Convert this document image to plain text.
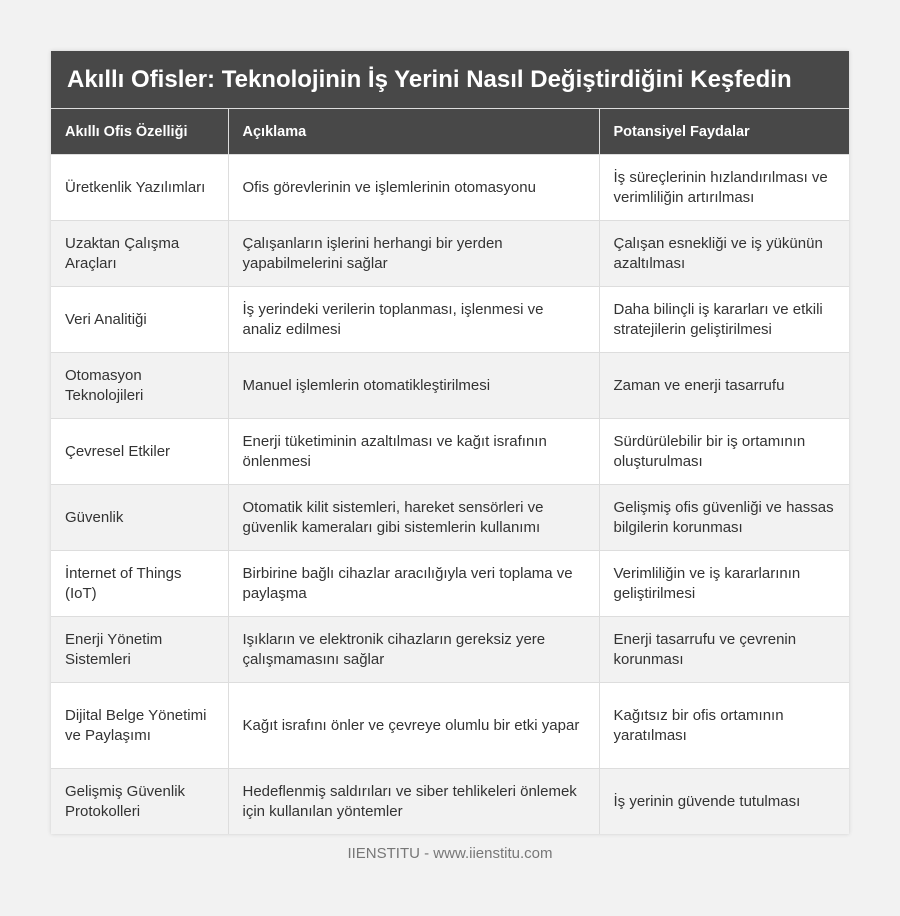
Akıllı Ofisler: Teknolojinin İş Yerini Nasıl Değiştirdiğini Keşfedin
Akıllı Ofis Özelliği	Açıklama	Potansiyel Faydalar
Üretkenlik Yazılımları	Ofis görevlerinin ve işlemlerinin otomasyonu	İş süreçlerinin hızlandırılması ve verimliliğin artırılması
Uzaktan Çalışma Araçları	Çalışanların işlerini herhangi bir yerden yapabilmelerini sağlar	Çalışan esnekliği ve iş yükünün azaltılması
Veri Analitiği	İş yerindeki verilerin toplanması, işlenmesi ve analiz edilmesi	Daha bilinçli iş kararları ve etkili stratejilerin geliştirilmesi
Otomasyon Teknolojileri	Manuel işlemlerin otomatikleştirilmesi	Zaman ve enerji tasarrufu
Çevresel Etkiler	Enerji tüketiminin azaltılması ve kağıt israfının önlenmesi	Sürdürülebilir bir iş ortamının oluşturulması
Güvenlik	Otomatik kilit sistemleri, hareket sensörleri ve güvenlik kameraları gibi sistemlerin kullanımı	Gelişmiş ofis güvenliği ve hassas bilgilerin korunması
İnternet of Things (IoT)	Birbirine bağlı cihazlar aracılığıyla veri toplama ve paylaşma	Verimliliğin ve iş kararlarının geliştirilmesi
Enerji Yönetim Sistemleri	Işıkların ve elektronik cihazların gereksiz yere çalışmamasını sağlar	Enerji tasarrufu ve çevrenin korunması
Dijital Belge Yönetimi ve Paylaşımı	Kağıt israfını önler ve çevreye olumlu bir etki yapar	Kağıtsız bir ofis ortamının yaratılması
Gelişmiş Güvenlik Protokolleri	Hedeflenmiş saldırıları ve siber tehlikeleri önlemek için kullanılan yöntemler	İş yerinin güvende tutulması
IIENSTITU - www.iienstitu.com
